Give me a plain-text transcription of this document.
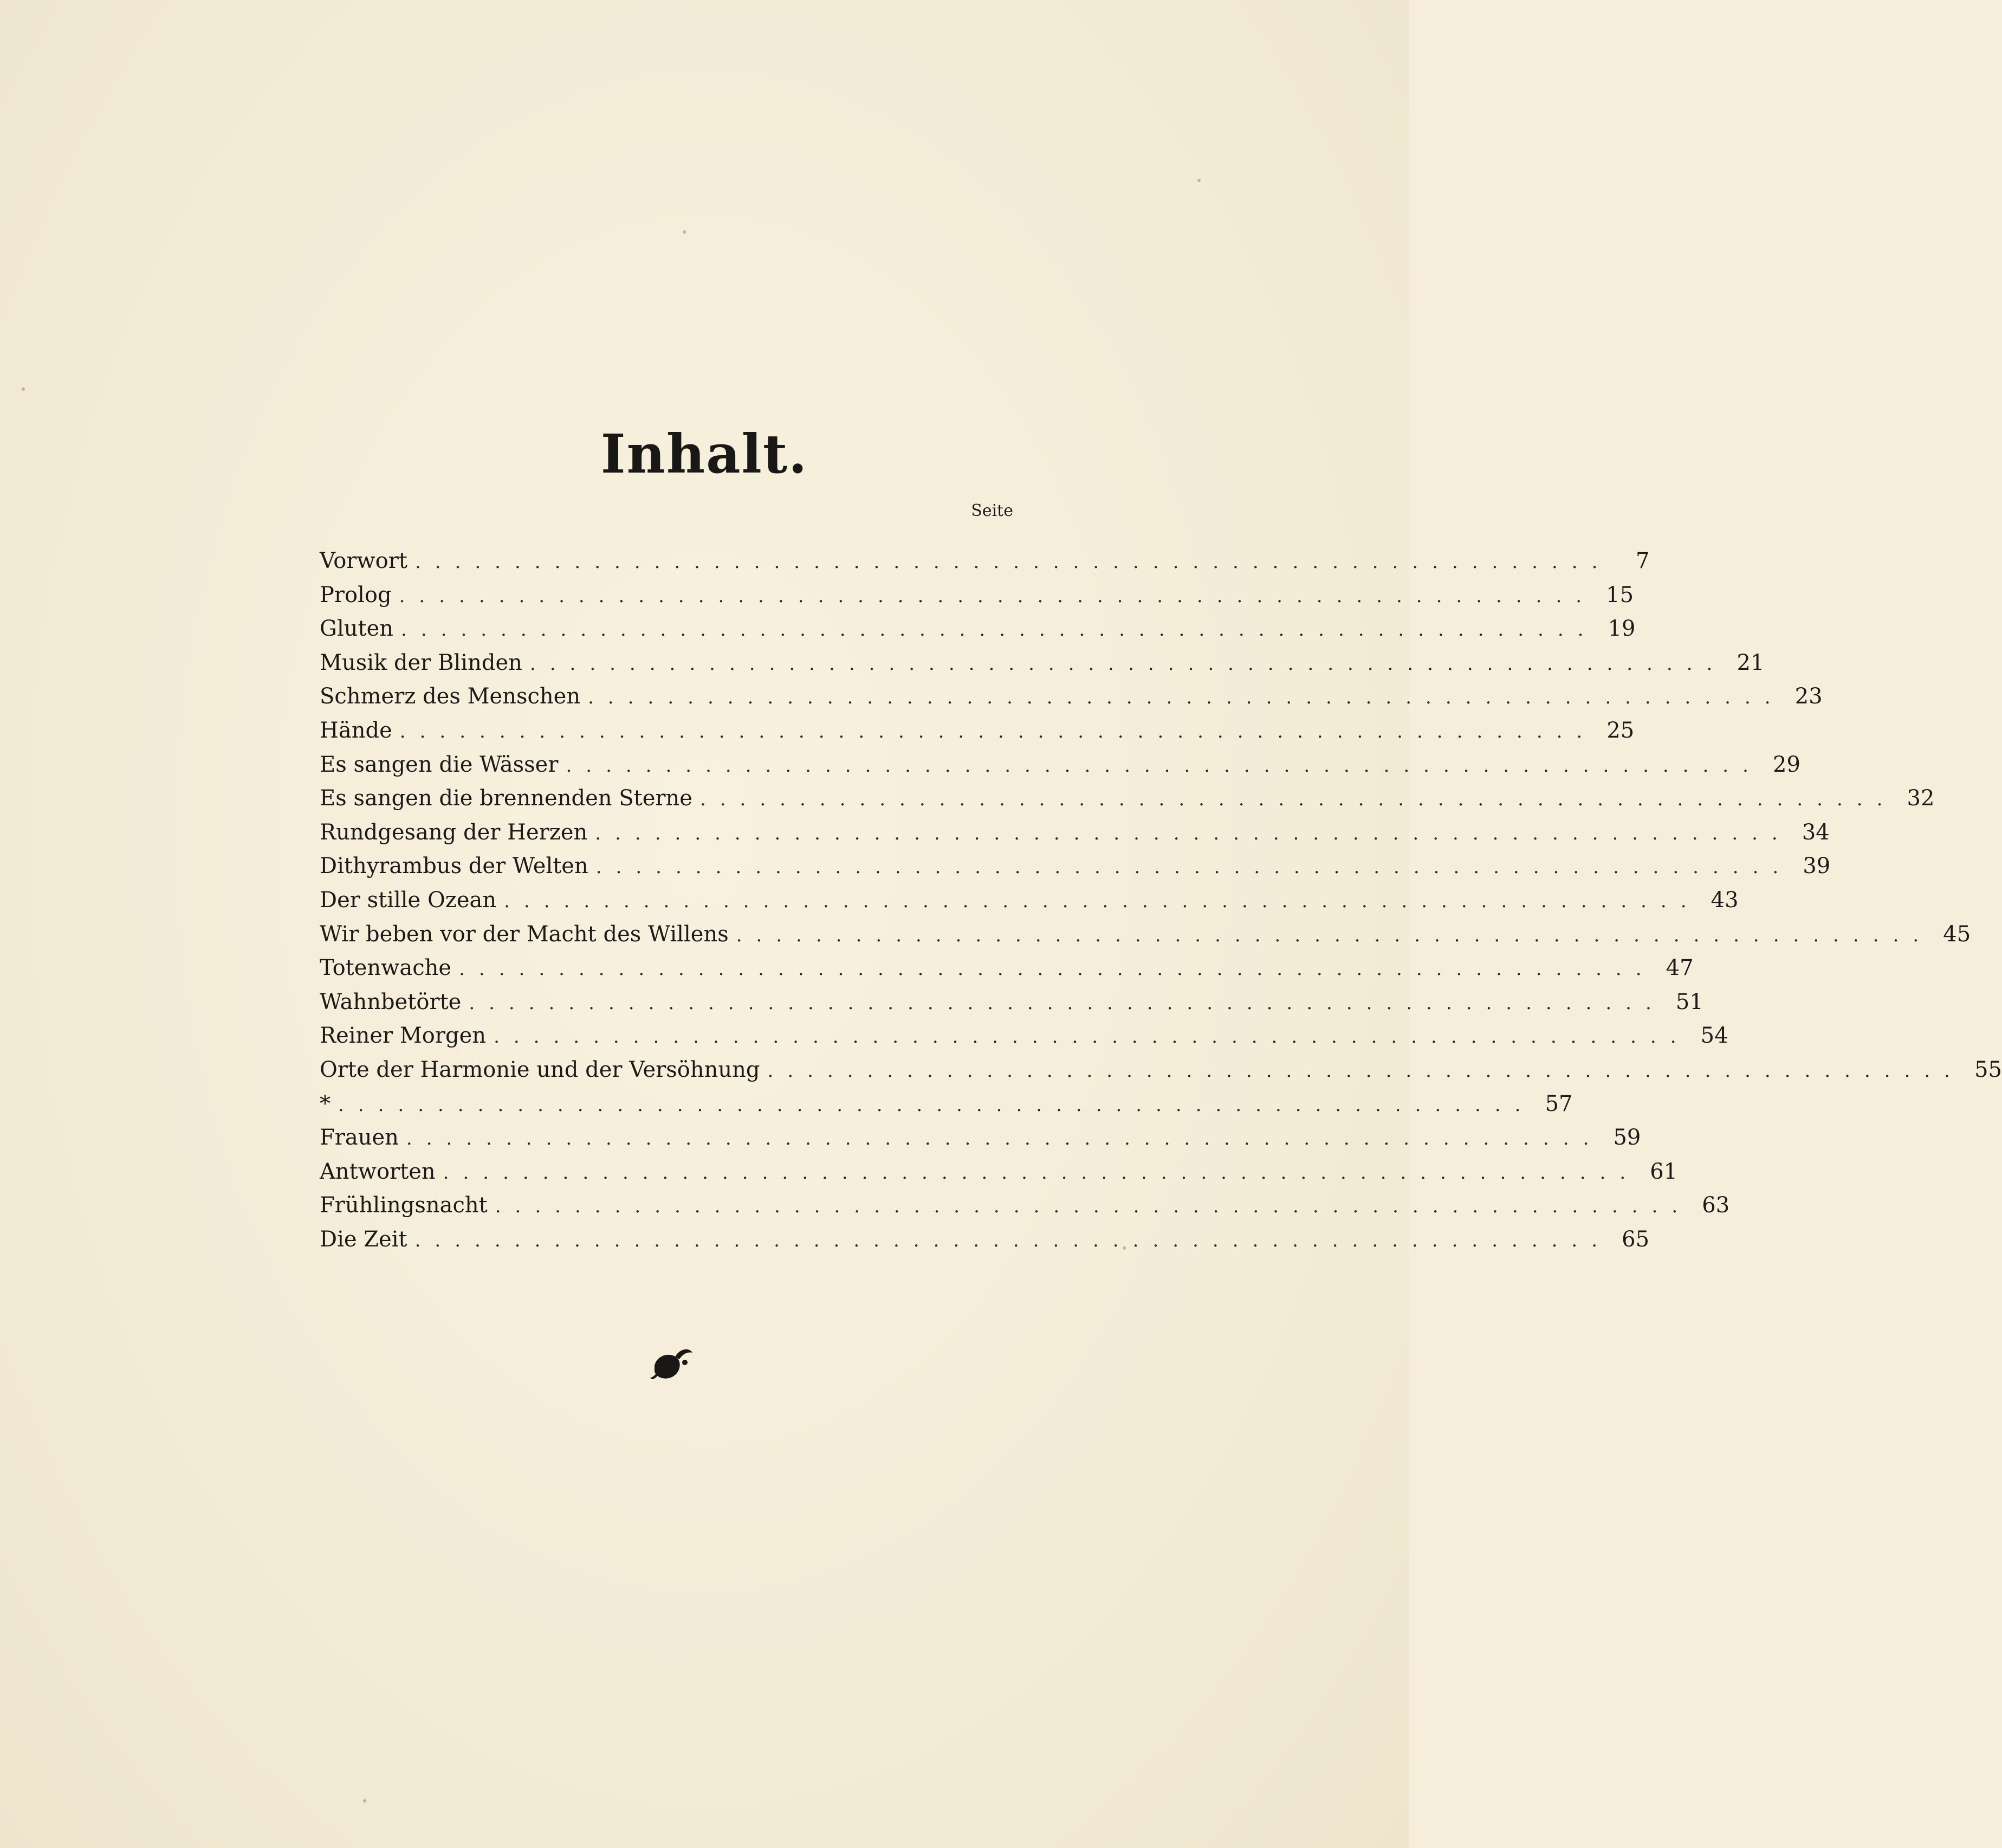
Inhalt.
Seite
Vorwort ............................................................	7
Prolog ............................................................ 15
Gluten ............................................................ 19
Musik der Blinden ............................................................ 21
Schmerz des Menschen ............................................................ 23
Hände ............................................................ 25
Es sangen die Wässer ............................................................ 29
Es sangen die brennenden Sterne ............................................................ 32
Rundgesang der Herzen ............................................................ 34
Dithyrambus der Welten ............................................................ 39
Der stille Ozean ............................................................ 43
Wir beben vor der Macht des Willens ............................................................ 45
Totenwache ............................................................ 47
Wahnbetörte ............................................................ 51
Reiner Morgen ............................................................ 54
Orte der Harmonie und der Versöhnung ............................................................ 55
* ............................................................ 57
Frauen ............................................................ 59
Antworten ............................................................ 61
Frühlingsnacht ............................................................ 63
Die Zeit ............................................................ 65
